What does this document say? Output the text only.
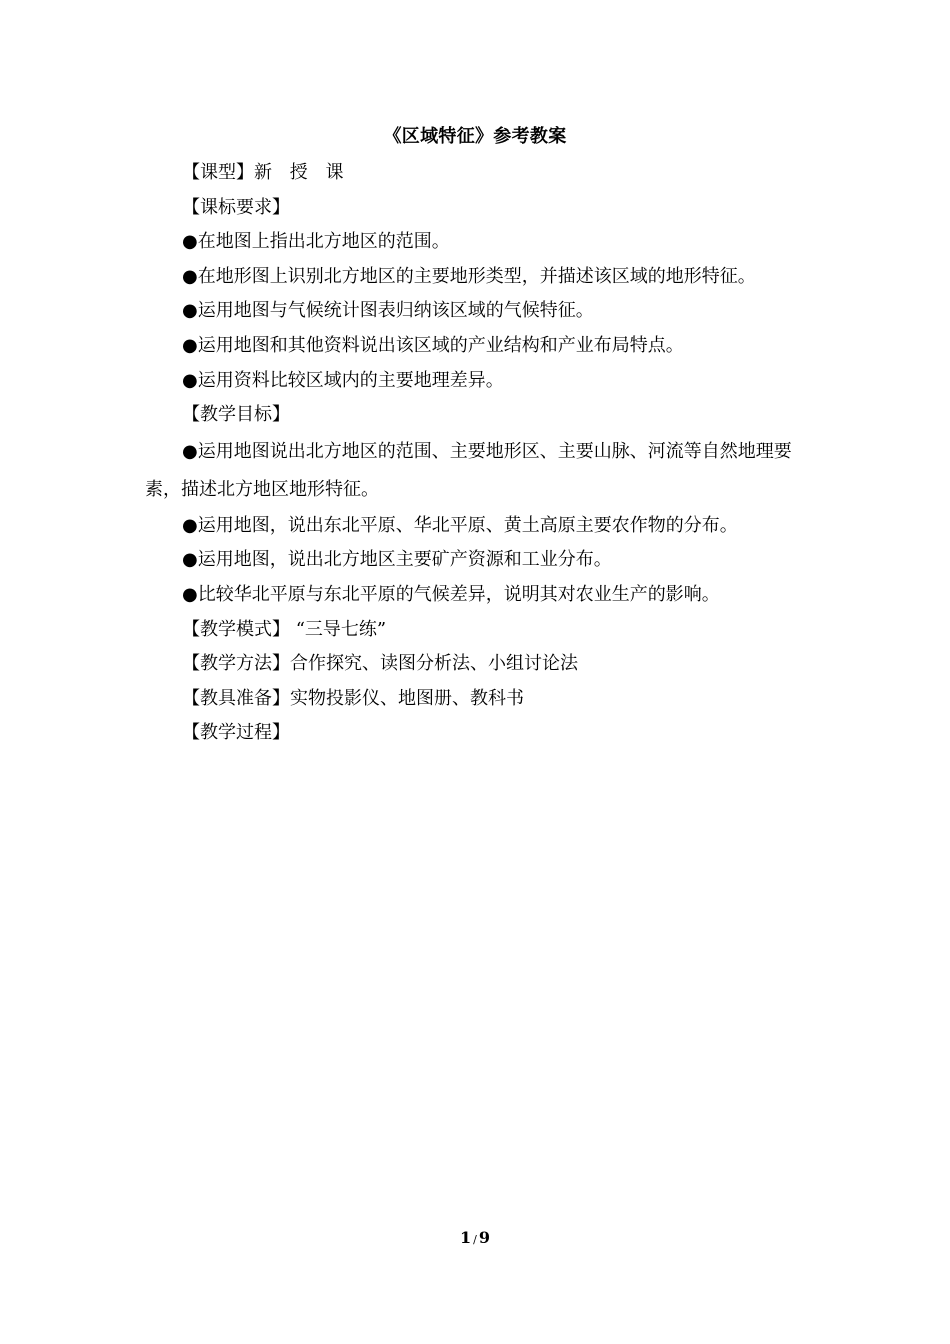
《区域特征》参考教案

【课型】新 授 课

【课标要求】

●在地图上指出北方地区的范围。

●在地形图上识别北方地区的主要地形类型，并描述该区域的地形特征。

●运用地图与气候统计图表归纳该区域的气候特征。

●运用地图和其他资料说出该区域的产业结构和产业布局特点。

●运用资料比较区域内的主要地理差异。

【教学目标】

●运用地图说出北方地区的范围、主要地形区、主要山脉、河流等自然地理要素，描述北方地区地形特征。

●运用地图，说出东北平原、华北平原、黄土高原主要农作物的分布。

●运用地图，说出北方地区主要矿产资源和工业分布。

●比较华北平原与东北平原的气候差异，说明其对农业生产的影响。

【教学模式】 “三导七练”

【教学方法】合作探究、读图分析法、小组讨论法

【教具准备】实物投影仪、地图册、教科书

【教学过程】

1 / 9
